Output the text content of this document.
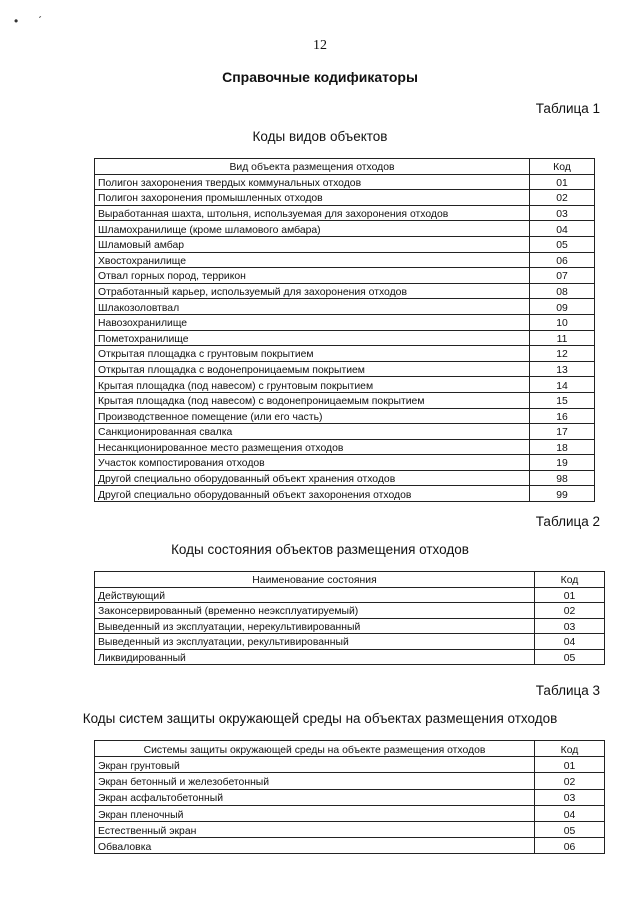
• ˊ
12
Справочные кодификаторы
Таблица 1
Коды видов объектов
Вид объекта размещения отходов	Код
Полигон захоронения твердых коммунальных отходов	01
Полигон захоронения промышленных отходов	02
Выработанная шахта, штольня, используемая для захоронения отходов	03
Шламохранилище (кроме шламового амбара)	04
Шламовый амбар	05
Хвостохранилище	06
Отвал горных пород, террикон	07
Отработанный карьер, используемый для захоронения отходов	08
Шлакозоловтвал	09
Навозохранилище	10
Пометохранилище	11
Открытая площадка с грунтовым покрытием	12
Открытая площадка с водонепроницаемым покрытием	13
Крытая площадка (под навесом) с грунтовым покрытием	14
Крытая площадка (под навесом) с водонепроницаемым покрытием	15
Производственное помещение (или его часть)	16
Санкционированная свалка	17
Несанкционированное место размещения отходов	18
Участок компостирования отходов	19
Другой специально оборудованный объект хранения отходов	98
Другой специально оборудованный объект захоронения отходов	99
Таблица 2
Коды состояния объектов размещения отходов
Наименование состояния	Код
Действующий	01
Законсервированный (временно неэксплуатируемый)	02
Выведенный из эксплуатации, нерекультивированный	03
Выведенный из эксплуатации, рекультивированный	04
Ликвидированный	05
Таблица 3
Коды систем защиты окружающей среды на объектах размещения отходов
Системы защиты окружающей среды на объекте размещения отходов	Код
Экран грунтовый	01
Экран бетонный и железобетонный	02
Экран асфальтобетонный	03
Экран пленочный	04
Естественный экран	05
Обваловка	06
